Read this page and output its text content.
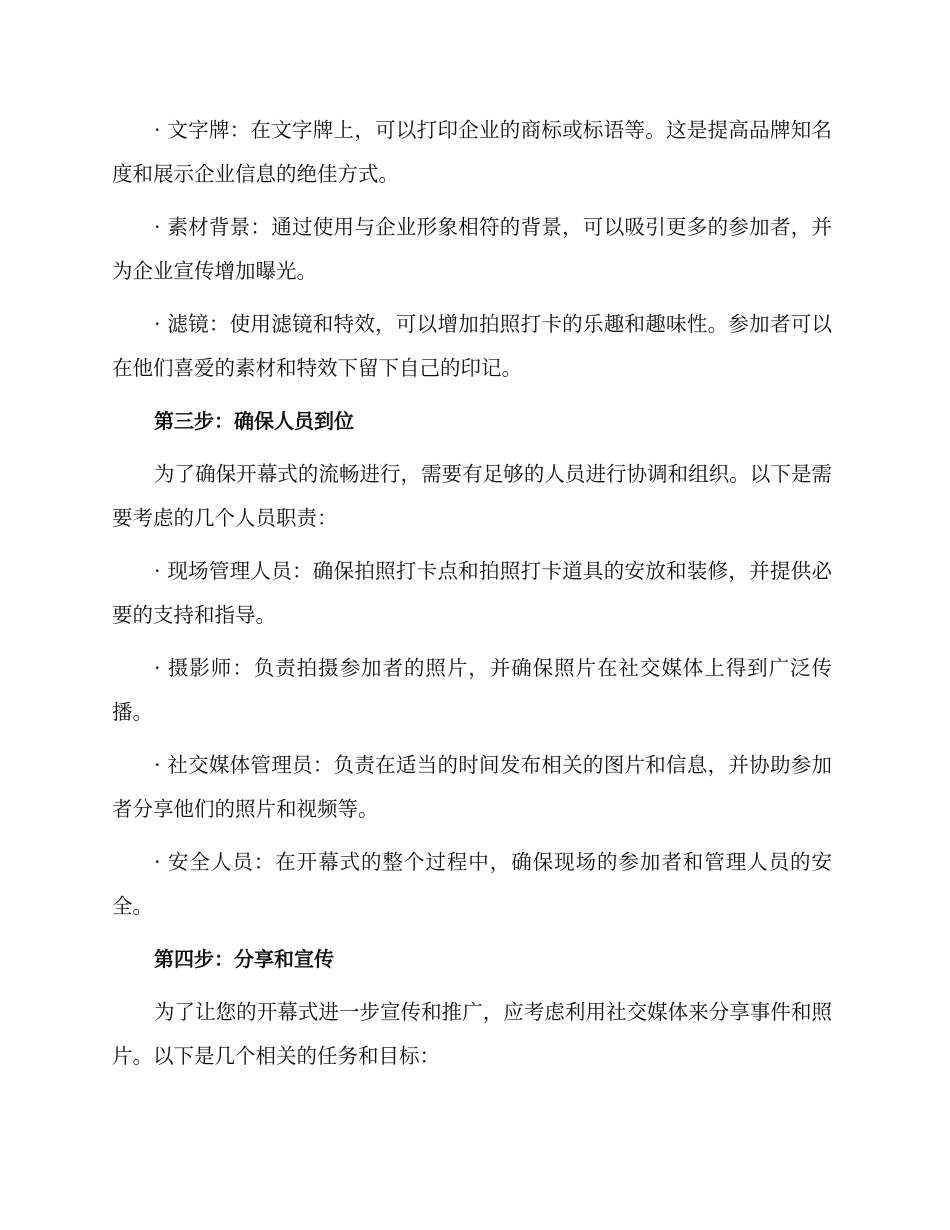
· 文字牌：在文字牌上，可以打印企业的商标或标语等。这是提高品牌知名度和展示企业信息的绝佳方式。

· 素材背景：通过使用与企业形象相符的背景，可以吸引更多的参加者，并为企业宣传增加曝光。

· 滤镜：使用滤镜和特效，可以增加拍照打卡的乐趣和趣味性。参加者可以在他们喜爱的素材和特效下留下自己的印记。

第三步：确保人员到位

为了确保开幕式的流畅进行，需要有足够的人员进行协调和组织。以下是需要考虑的几个人员职责：

· 现场管理人员：确保拍照打卡点和拍照打卡道具的安放和装修，并提供必要的支持和指导。

· 摄影师：负责拍摄参加者的照片，并确保照片在社交媒体上得到广泛传播。

· 社交媒体管理员：负责在适当的时间发布相关的图片和信息，并协助参加者分享他们的照片和视频等。

· 安全人员：在开幕式的整个过程中，确保现场的参加者和管理人员的安全。

第四步：分享和宣传

为了让您的开幕式进一步宣传和推广，应考虑利用社交媒体来分享事件和照片。以下是几个相关的任务和目标：
